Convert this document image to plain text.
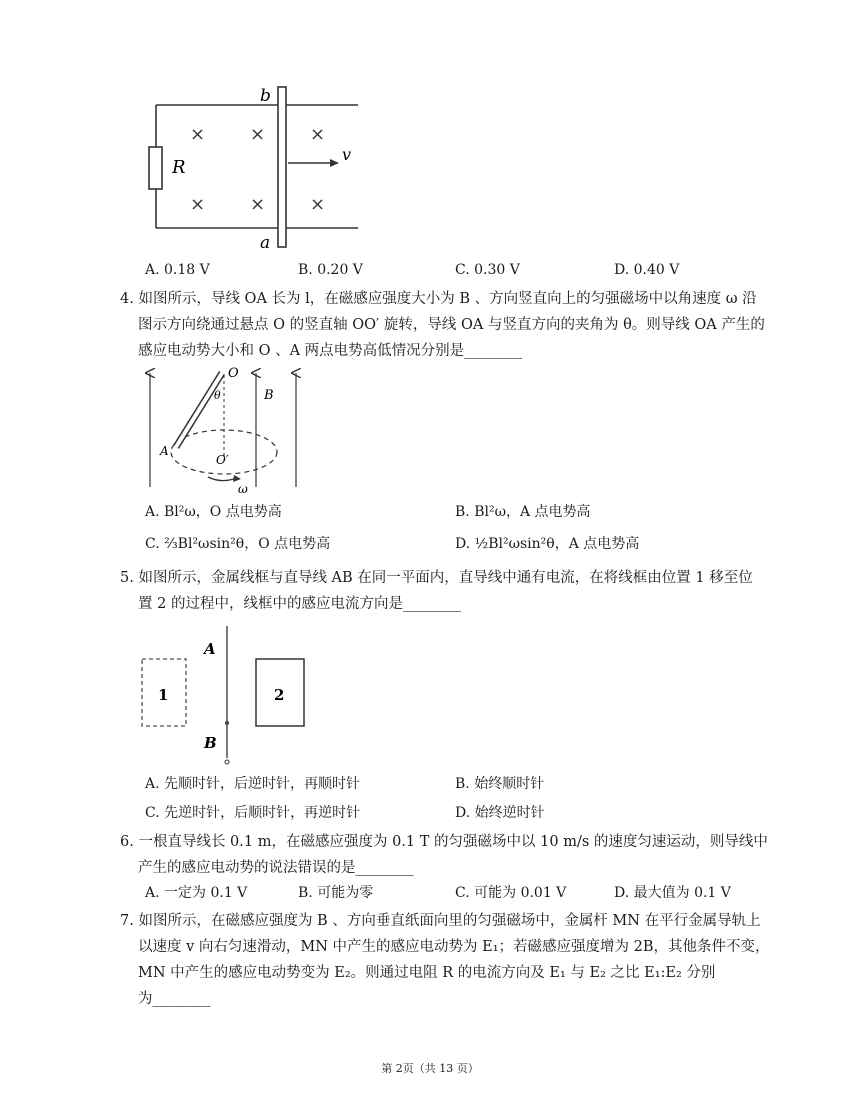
R
b
a
v
× × ×
× × ×
A. 0.18 V	B. 0.20 V	C. 0.30 V	D. 0.40 V
4. 如图所示，导线 OA 长为 l，在磁感应强度大小为 B 、方向竖直向上的匀强磁场中以角速度 ω 沿
图示方向绕通过悬点 O 的竖直轴 OO′ 旋转，导线 OA 与竖直方向的夹角为 θ。则导线 OA 产生的
感应电动势大小和 O 、A 两点电势高低情况分别是________
O
θ	B
A
O′
ω
A. Bl²ω，O 点电势高	B. Bl²ω，A 点电势高
C. ⅔Bl²ωsin²θ，O 点电势高	D. ½Bl²ωsin²θ，A 点电势高
5. 如图所示，金属线框与直导线 AB 在同一平面内，直导线中通有电流，在将线框由位置 1 移至位
置 2 的过程中，线框中的感应电流方向是________
A
B
1	2
A. 先顺时针，后逆时针，再顺时针	B. 始终顺时针
C. 先逆时针，后顺时针，再逆时针	D. 始终逆时针
6. 一根直导线长 0.1 m，在磁感应强度为 0.1 T 的匀强磁场中以 10 m/s 的速度匀速运动，则导线中
产生的感应电动势的说法错误的是________
A. 一定为 0.1 V	B. 可能为零	C. 可能为 0.01 V	D. 最大值为 0.1 V
7. 如图所示，在磁感应强度为 B 、方向垂直纸面向里的匀强磁场中，金属杆 MN 在平行金属导轨上
以速度 v 向右匀速滑动，MN 中产生的感应电动势为 E₁；若磁感应强度增为 2B，其他条件不变，
MN 中产生的感应电动势变为 E₂。则通过电阻 R 的电流方向及 E₁ 与 E₂ 之比 E₁:E₂ 分别
为________
第 2页（共 13 页）
